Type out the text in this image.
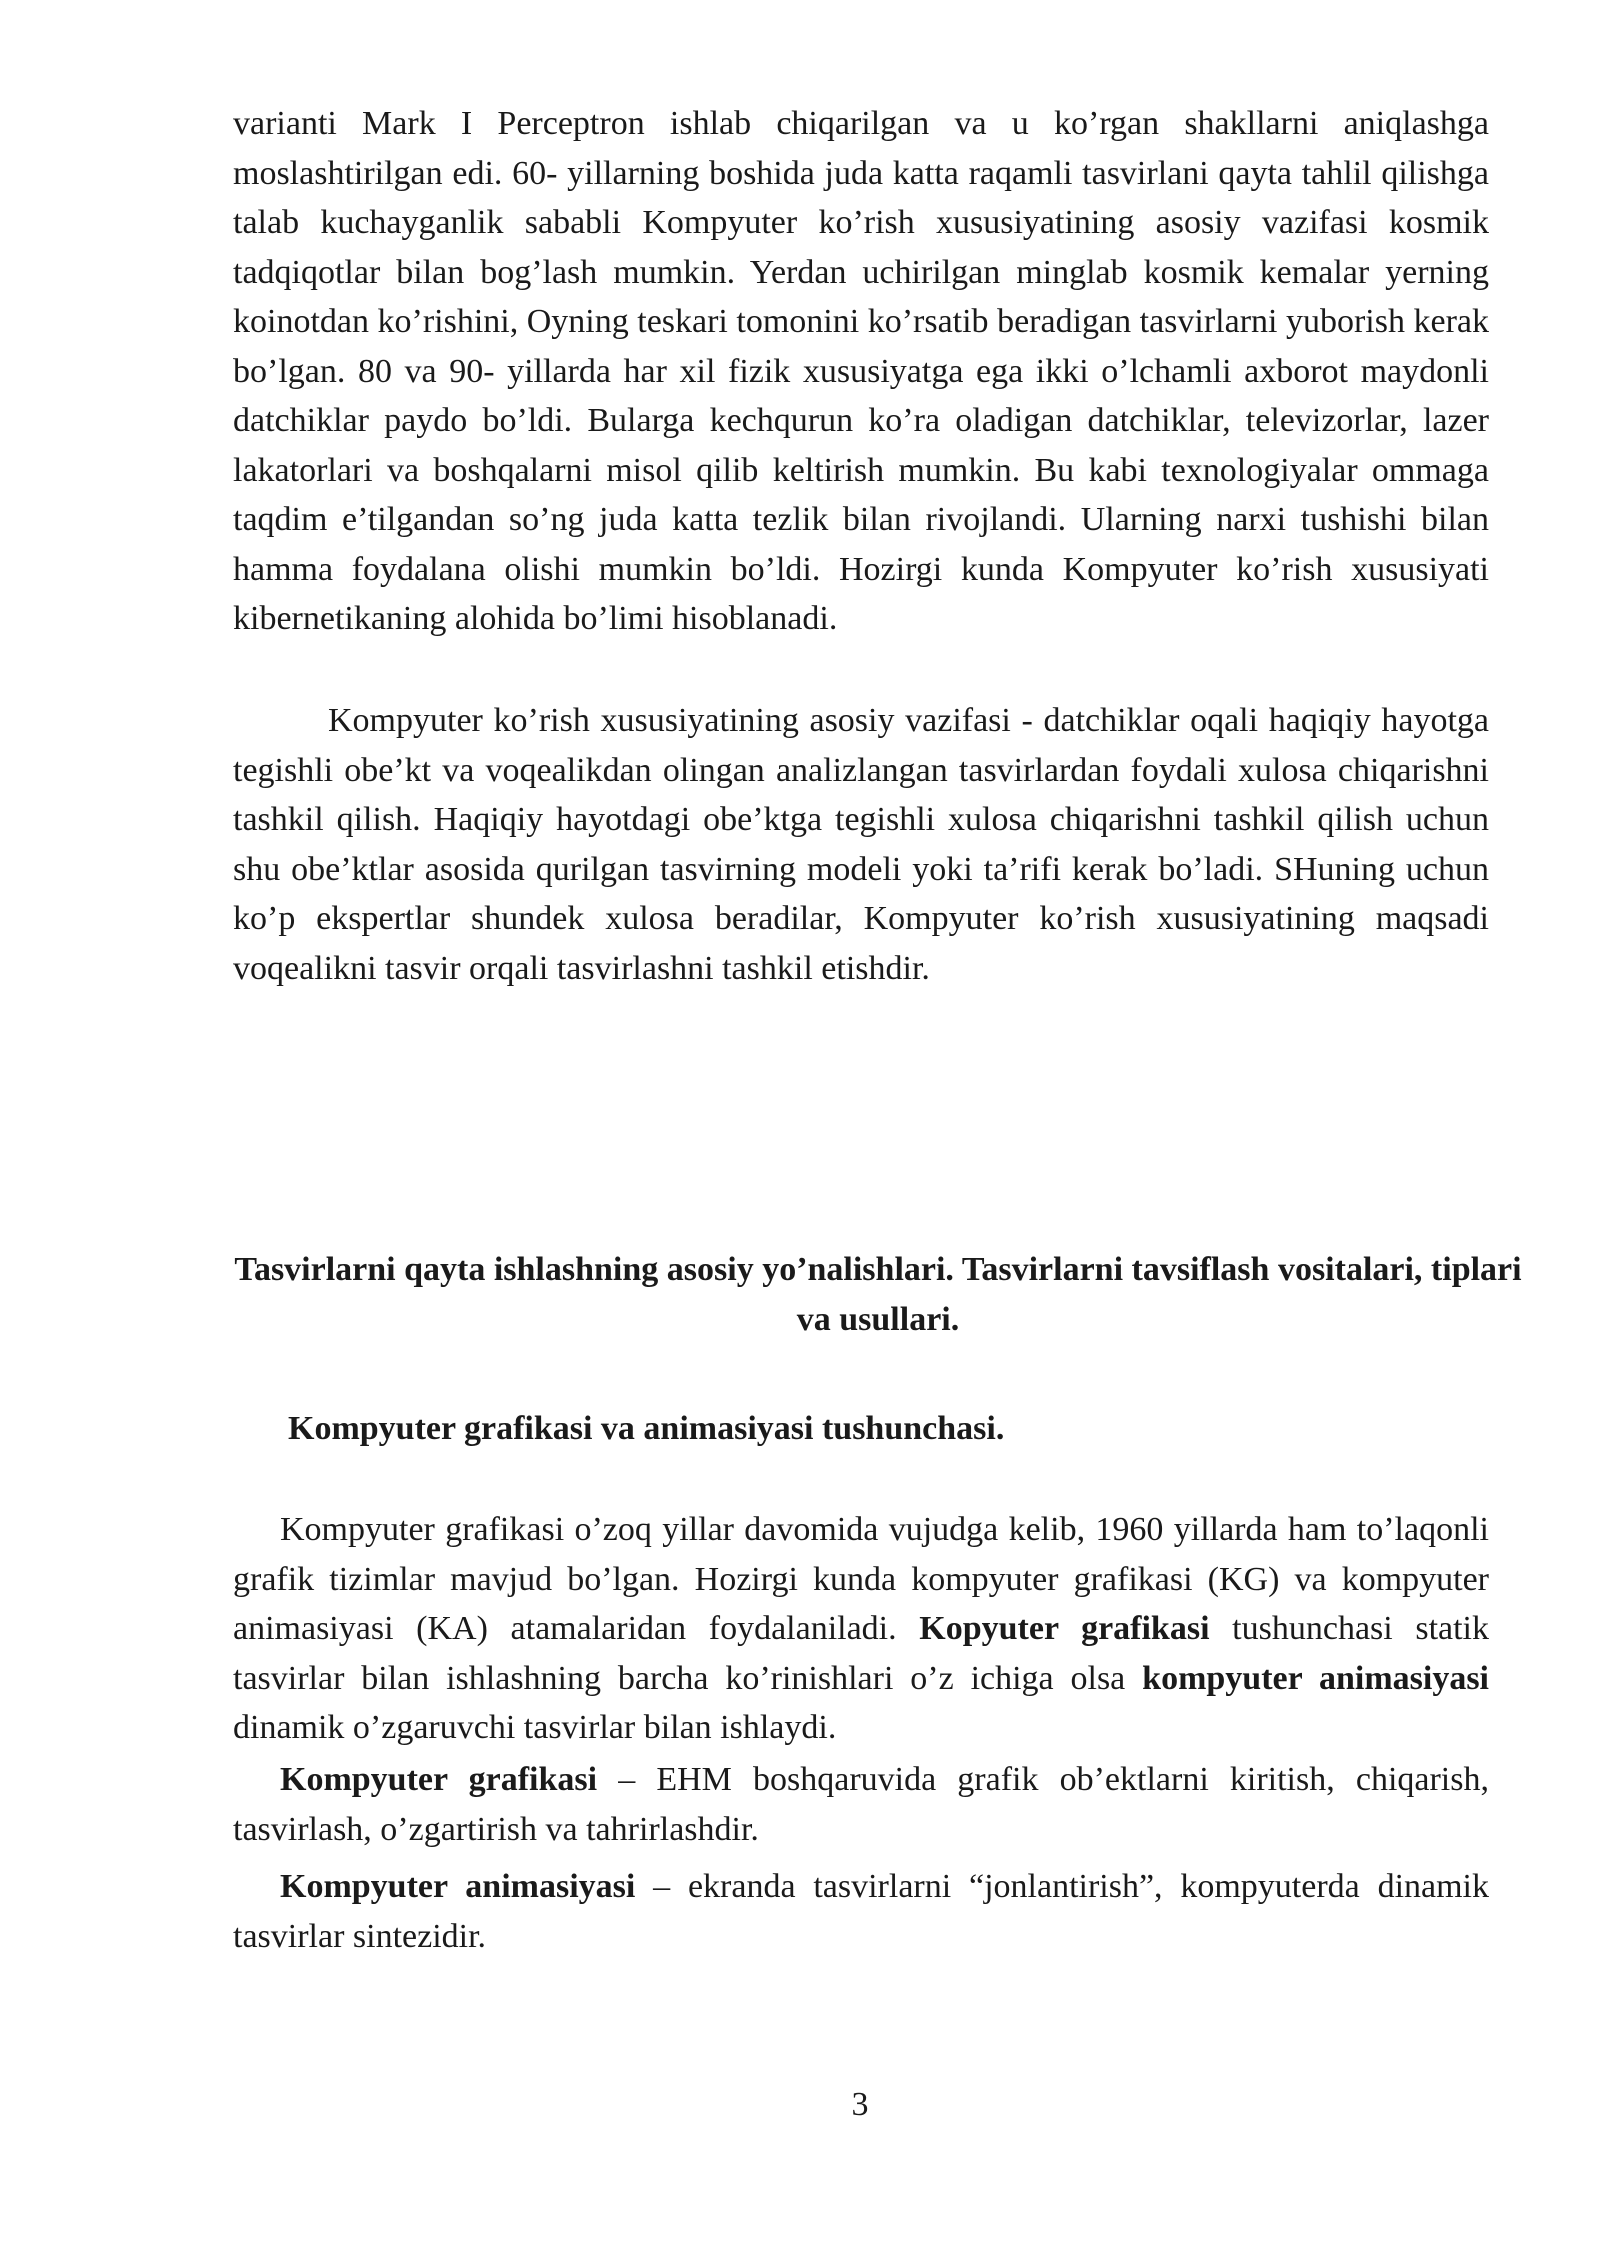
varianti Mark I Perceptron ishlab chiqarilgan va u ko’rgan shakllarni aniqlashga moslashtirilgan edi. 60- yillarning boshida juda katta raqamli tasvirlani qayta tahlil qilishga talab kuchayganlik sababli Kompyuter ko’rish xususiyatining asosiy vazifasi kosmik tadqiqotlar bilan bog’lash mumkin. Yerdan uchirilgan minglab kosmik kemalar yerning koinotdan ko’rishini, Oyning teskari tomonini ko’rsatib beradigan tasvirlarni yuborish kerak bo’lgan. 80 va 90- yillarda har xil fizik xususiyatga ega ikki o’lchamli axborot maydonli datchiklar paydo bo’ldi. Bularga kechqurun ko’ra oladigan datchiklar, televizorlar, lazer lakatorlari va boshqalarni misol qilib keltirish mumkin. Bu kabi texnologiyalar ommaga taqdim e’tilgandan so’ng juda katta tezlik bilan rivojlandi. Ularning narxi tushishi bilan hamma foydalana olishi mumkin bo’ldi. Hozirgi kunda Kompyuter ko’rish xususiyati kibernetikaning alohida bo’limi hisoblanadi.

Kompyuter ko’rish xususiyatining asosiy vazifasi - datchiklar oqali haqiqiy hayotga tegishli obe’kt va voqealikdan olingan analizlangan tasvirlardan foydali xulosa chiqarishni tashkil qilish. Haqiqiy hayotdagi obe’ktga tegishli xulosa chiqarishni tashkil qilish uchun shu obe’ktlar asosida qurilgan tasvirning modeli yoki ta’rifi kerak bo’ladi. SHuning uchun ko’p ekspertlar shundek xulosa beradilar, Kompyuter ko’rish xususiyatining maqsadi voqealikni tasvir orqali tasvirlashni tashkil etishdir.

Tasvirlarni qayta ishlashning asosiy yo’nalishlari. Tasvirlarni tavsiflash vositalari, tiplari va usullari.
Kompyuter grafikasi va animasiyasi tushunchasi.

Kompyuter grafikasi o’zoq yillar davomida vujudga kelib, 1960 yillarda ham to’laqonli grafik tizimlar mavjud bo’lgan. Hozirgi kunda kompyuter grafikasi (KG) va kompyuter animasiyasi (KA) atamalaridan foydalaniladi. Kopyuter grafikasi tushunchasi statik tasvirlar bilan ishlashning barcha ko’rinishlari o’z ichiga olsa kompyuter animasiyasi dinamik o’zgaruvchi tasvirlar bilan ishlaydi.

Kompyuter grafikasi – EHM boshqaruvida grafik ob’ektlarni kiritish, chiqarish, tasvirlash, o’zgartirish va tahrirlashdir.

Kompyuter animasiyasi – ekranda tasvirlarni “jonlantirish”, kompyuterda dinamik tasvirlar sintezidir.

3
